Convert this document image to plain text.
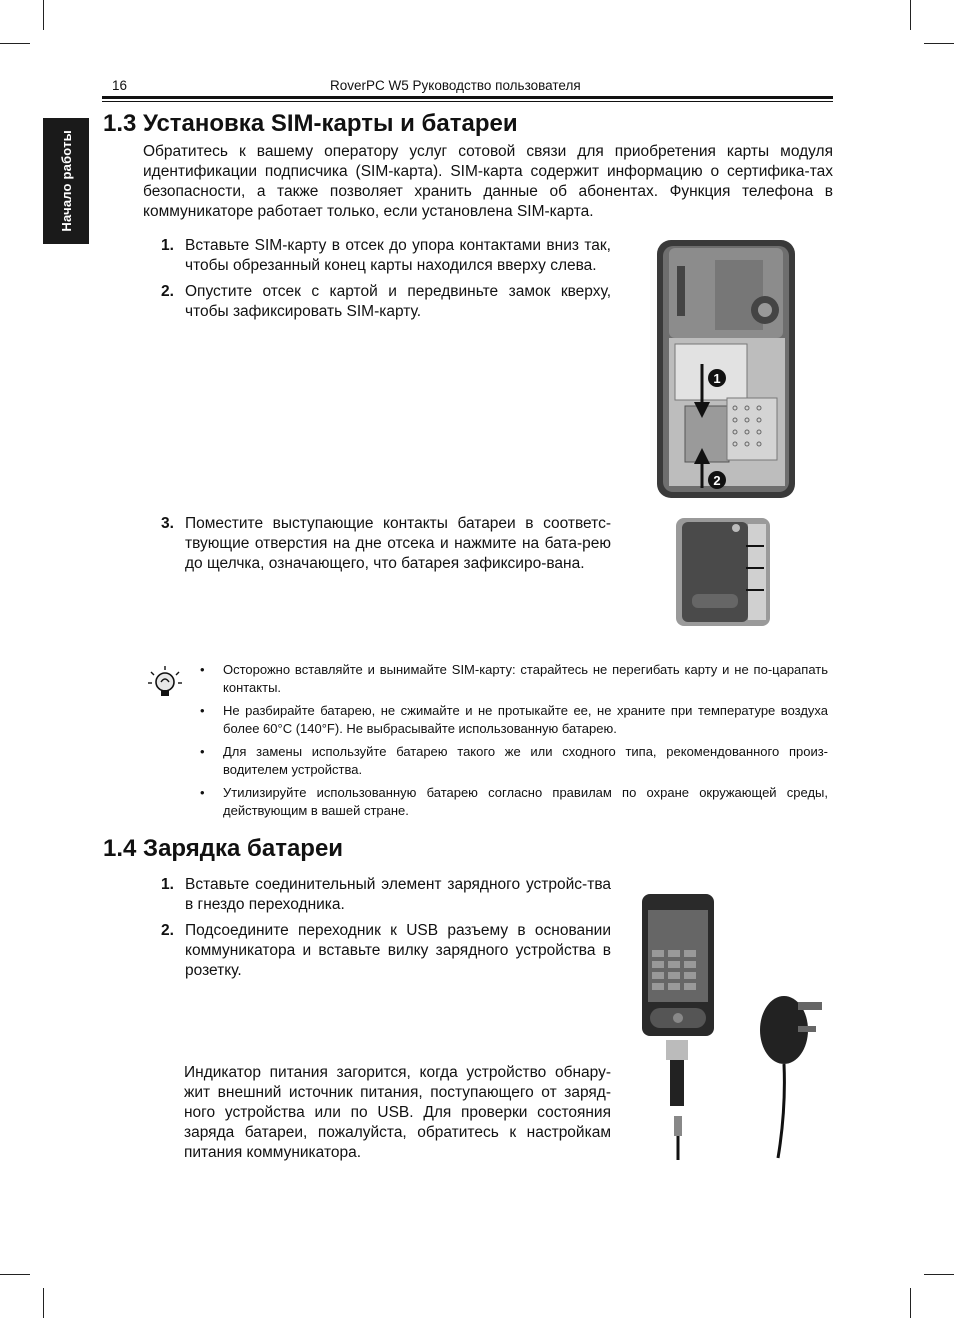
Начало работы
16	RoverPC W5 Руководство пользователя
1.3 Установка SIM-карты и батареи

Обратитесь к вашему оператору услуг сотовой связи для приобретения карты модуля идентификации подписчика (SIM-карта). SIM-карта содержит информацию о сертифика-тах безопасности, а также позволяет хранить данные об абонентах. Функция телефона в коммуникаторе работает только, если установлена SIM-карта.

1. Вставьте SIM-карту в отсек до упора контактами вниз так, чтобы обрезанный конец карты находился вверху слева.
2. Опустите отсек с картой и передвиньте замок кверху, чтобы зафиксировать SIM-карту.
1
2
3. Поместите выступающие контакты батареи в соответс-твующие отверстия на дне отсека и нажмите на бата-рею до щелчка, означающего, что батарея зафиксиро-вана.
• Осторожно вставляйте и вынимайте SIM-карту: старайтесь не перегибать карту и не по-царапать контакты.
• Не разбирайте батарею, не сжимайте и не протыкайте ее, не храните при температуре воздуха более 60°C (140°F). Не выбрасывайте использованную батарею.
• Для замены используйте батарею такого же или сходного типа, рекомендованного произ-водителем устройства.
• Утилизируйте использованную батарею согласно правилам по охране окружающей среды, действующим в вашей стране.
1.4 Зарядка батареи
1. Вставьте соединительный элемент зарядного устройс-тва в гнездо переходника.
2. Подсоедините переходник к USB разъему в основании коммуникатора и вставьте вилку зарядного устройства в розетку.

Индикатор питания загорится, когда устройство обнару-жит внешний источник питания, поступающего от заряд-ного устройства или по USB. Для проверки состояния заряда батареи, пожалуйста, обратитесь к настройкам питания коммуникатора.
